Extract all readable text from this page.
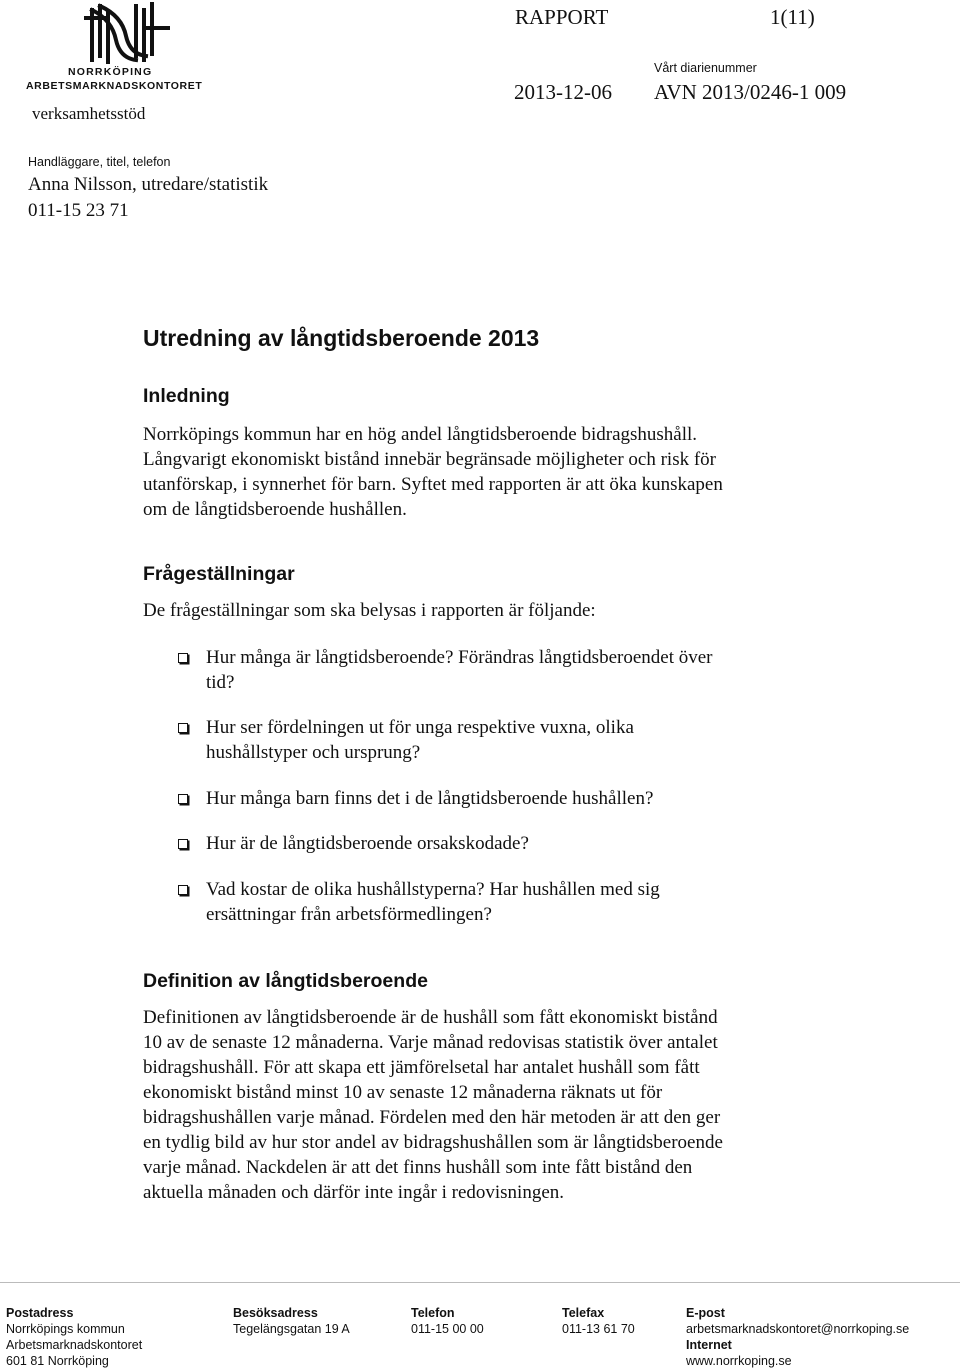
NORRKÖPING
ARBETSMARKNADSKONTORET
verksamhetsstöd
RAPPORT	1(11)
2013-12-06
Vårt diarienummer
AVN 2013/0246-1 009
Handläggare, titel, telefon
Anna Nilsson, utredare/statistik
011-15 23 71
Utredning av långtidsberoende 2013
Inledning
Norrköpings kommun har en hög andel långtidsberoende bidragshushåll.
Långvarigt ekonomiskt bistånd innebär begränsade möjligheter och risk för
utanförskap, i synnerhet för barn. Syftet med rapporten är att öka kunskapen
om de långtidsberoende hushållen.
Frågeställningar
De frågeställningar som ska belysas i rapporten är följande:
Hur många är långtidsberoende? Förändras långtidsberoendet över
tid?
Hur ser fördelningen ut för unga respektive vuxna, olika
hushållstyper och ursprung?
Hur många barn finns det i de långtidsberoende hushållen?
Hur är de långtidsberoende orsakskodade?
Vad kostar de olika hushållstyperna? Har hushållen med sig
ersättningar från arbetsförmedlingen?
Definition av långtidsberoende
Definitionen av långtidsberoende är de hushåll som fått ekonomiskt bistånd
10 av de senaste 12 månaderna. Varje månad redovisas statistik över antalet
bidragshushåll. För att skapa ett jämförelsetal har antalet hushåll som fått
ekonomiskt bistånd minst 10 av senaste 12 månaderna räknats ut för
bidragshushållen varje månad. Fördelen med den här metoden är att den ger
en tydlig bild av hur stor andel av bidragshushållen som är långtidsberoende
varje månad. Nackdelen är att det finns hushåll som inte fått bistånd den
aktuella månaden och därför inte ingår i redovisningen.
Postadress
Norrköpings kommun
Arbetsmarknadskontoret
601 81 Norrköping
Besöksadress
Tegelängsgatan 19 A
Telefon
011-15 00 00
Telefax
011-13 61 70
E-post
arbetsmarknadskontoret@norrkoping.se
Internet
www.norrkoping.se
